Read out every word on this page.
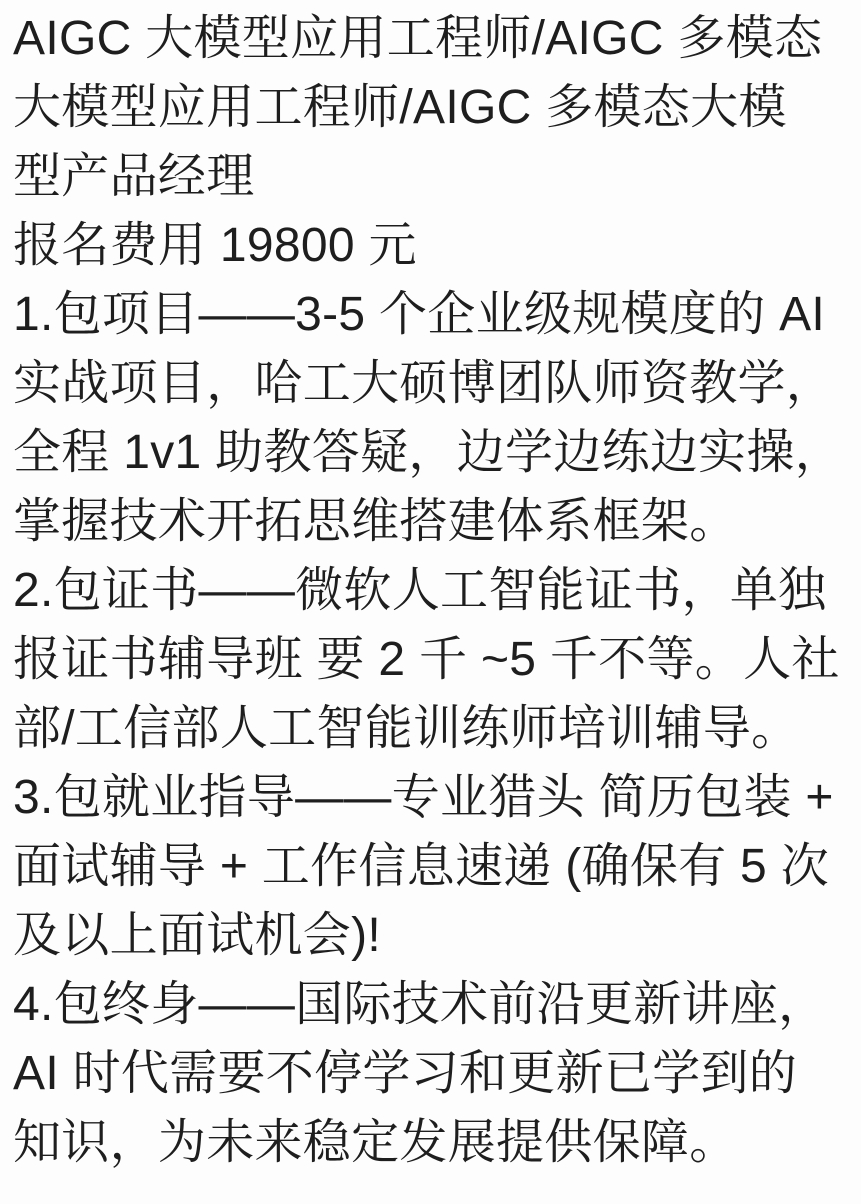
AIGC 大模型应用工程师/AIGC 多模态
大模型应用工程师/AIGC 多模态大模
型产品经理
报名费用 19800 元
1.包项目——3-5 个企业级规模度的 AI
实战项目，哈工大硕博团队师资教学，
全程 1v1 助教答疑，边学边练边实操，
掌握技术开拓思维搭建体系框架。
2.包证书——微软人工智能证书，单独
报证书辅导班 要 2 千 ~5 千不等。人社
部/工信部人工智能训练师培训辅导。
3.包就业指导——专业猎头 简历包装 +
面试辅导 + 工作信息速递 (确保有 5 次
及以上面试机会)!
4.包终身——国际技术前沿更新讲座，
AI 时代需要不停学习和更新已学到的
知识，为未来稳定发展提供保障。
